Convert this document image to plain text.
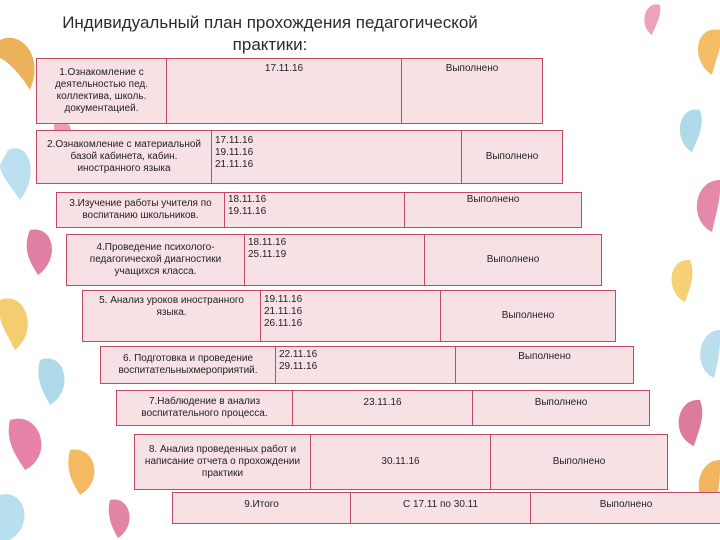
Индивидуальный план прохождения педагогической
практики:
1.Ознакомление с деятельностью пед. коллектива, школь. документацией.
17.11.16	Выполнено
2.Ознакомление с материальной базой кабинета, кабин. иностранного языка
17.11.16
19.11.16
21.11.16
Выполнено
3.Изучение работы учителя по воспитанию школьников.
18.11.16
19.11.16
Выполнено
4.Проведение психолого-педагогической диагностики учащихся класса.
18.11.16
25.11.19	Выполнено
5. Анализ уроков иностранного языка.
19.11.16
21.11.16
26.11.16
Выполнено
6. Подготовка и проведение воспитательныхмероприятий.
22.11.16
29.11.16
Выполнено
7.Наблюдение в анализ воспитательного процесса.
23.11.16	Выполнено
8. Анализ проведенных работ и написание отчета о прохождении практики
30.11.16	Выполнено
9.Итого	С 17.11 по 30.11	Выполнено
